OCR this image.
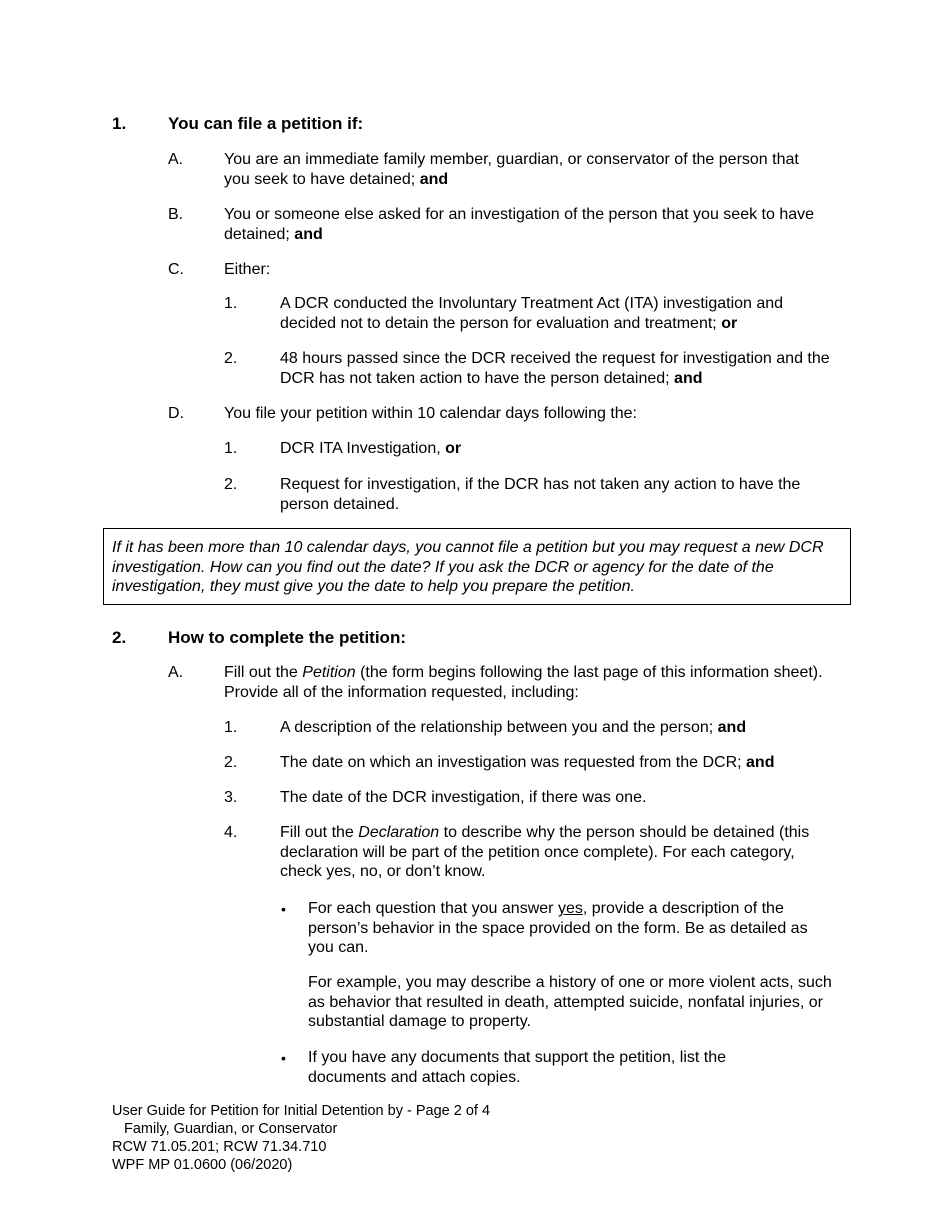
1. You can file a petition if:
A.	You are an immediate family member, guardian, or conservator of the person that you seek to have detained; and
B.	You or someone else asked for an investigation of the person that you seek to have detained; and
C.	Either:
1.	A DCR conducted the Involuntary Treatment Act (ITA) investigation and decided not to detain the person for evaluation and treatment; or
2.	48 hours passed since the DCR received the request for investigation and the DCR has not taken action to have the person detained; and
D.	You file your petition within 10 calendar days following the:
1.	DCR ITA Investigation, or
2.	Request for investigation, if the DCR has not taken any action to have the person detained.
If it has been more than 10 calendar days, you cannot file a petition but you may request a new DCR investigation. How can you find out the date? If you ask the DCR or agency for the date of the investigation, they must give you the date to help you prepare the petition.
2. How to complete the petition:
A.	Fill out the Petition (the form begins following the last page of this information sheet). Provide all of the information requested, including:
1.	A description of the relationship between you and the person; and
2.	The date on which an investigation was requested from the DCR; and
3.	The date of the DCR investigation, if there was one.
4.	Fill out the Declaration to describe why the person should be detained (this declaration will be part of the petition once complete). For each category, check yes, no, or don’t know.
• For each question that you answer yes, provide a description of the person’s behavior in the space provided on the form. Be as detailed as you can.
For example, you may describe a history of one or more violent acts, such as behavior that resulted in death, attempted suicide, nonfatal injuries, or substantial damage to property.
• If you have any documents that support the petition, list the documents and attach copies.
User Guide for Petition for Initial Detention by - Page 2 of 4
Family, Guardian, or Conservator
RCW 71.05.201; RCW 71.34.710
WPF MP 01.0600 (06/2020)
